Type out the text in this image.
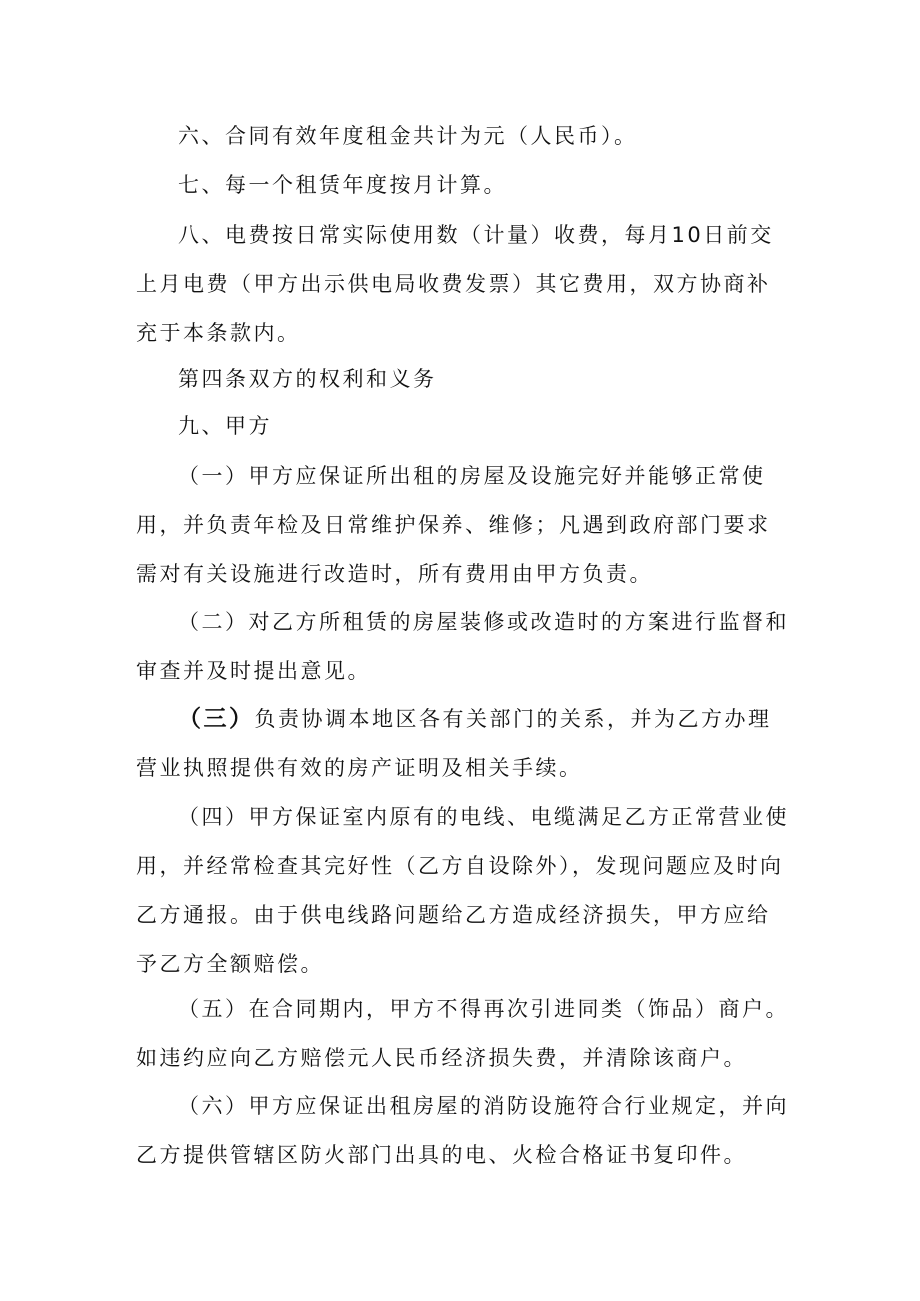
六、合同有效年度租金共计为元（人民币）。

七、每一个租赁年度按月计算。

八、电费按日常实际使用数（计量）收费，每月10日前交上月电费（甲方出示供电局收费发票）其它费用，双方协商补充于本条款内。

第四条双方的权利和义务

九、甲方

（一）甲方应保证所出租的房屋及设施完好并能够正常使用，并负责年检及日常维护保养、维修；凡遇到政府部门要求需对有关设施进行改造时，所有费用由甲方负责。

（二）对乙方所租赁的房屋装修或改造时的方案进行监督和审查并及时提出意见。

（三）负责协调本地区各有关部门的关系，并为乙方办理营业执照提供有效的房产证明及相关手续。

（四）甲方保证室内原有的电线、电缆满足乙方正常营业使用，并经常检查其完好性（乙方自设除外），发现问题应及时向乙方通报。由于供电线路问题给乙方造成经济损失，甲方应给予乙方全额赔偿。

（五）在合同期内，甲方不得再次引进同类（饰品）商户。如违约应向乙方赔偿元人民币经济损失费，并清除该商户。

（六）甲方应保证出租房屋的消防设施符合行业规定，并向乙方提供管辖区防火部门出具的电、火检合格证书复印件。
